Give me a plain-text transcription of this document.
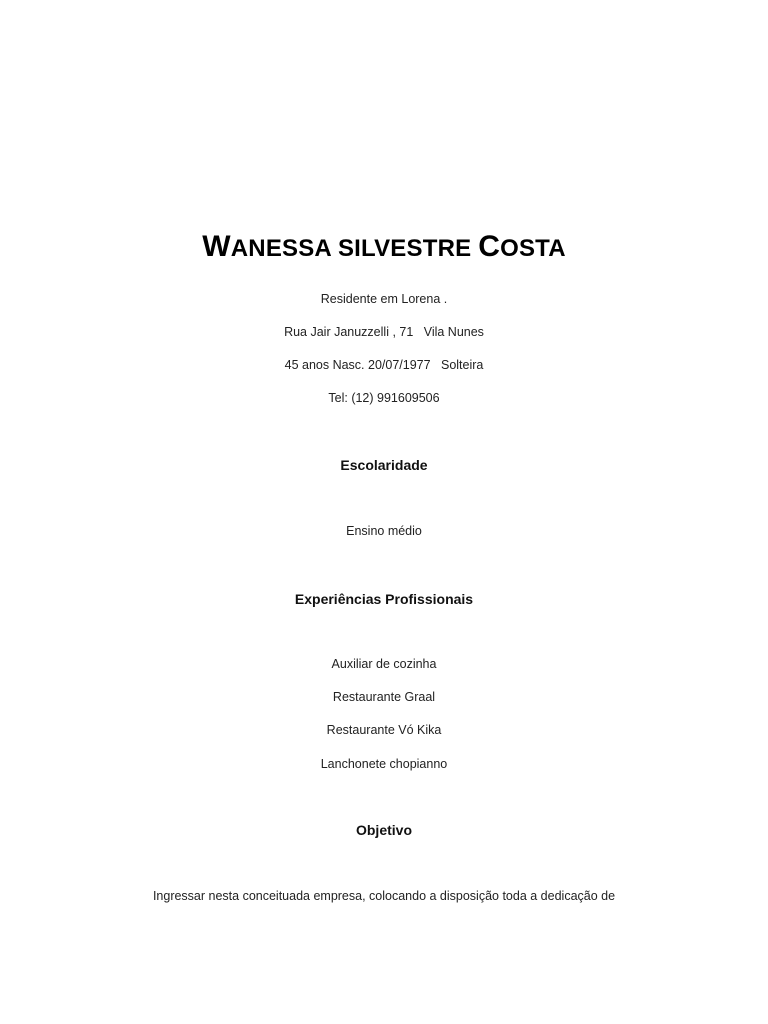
WANESSA SILVESTRE COSTA
Residente em Lorena .
Rua Jair Januzzelli , 71   Vila Nunes
45 anos Nasc. 20/07/1977   Solteira
Tel: (12) 991609506
Escolaridade
Ensino médio
Experiências Profissionais
Auxiliar de cozinha
Restaurante Graal
Restaurante Vó Kika
Lanchonete chopianno
Objetivo
Ingressar nesta conceituada empresa, colocando a disposição toda a dedicação de
